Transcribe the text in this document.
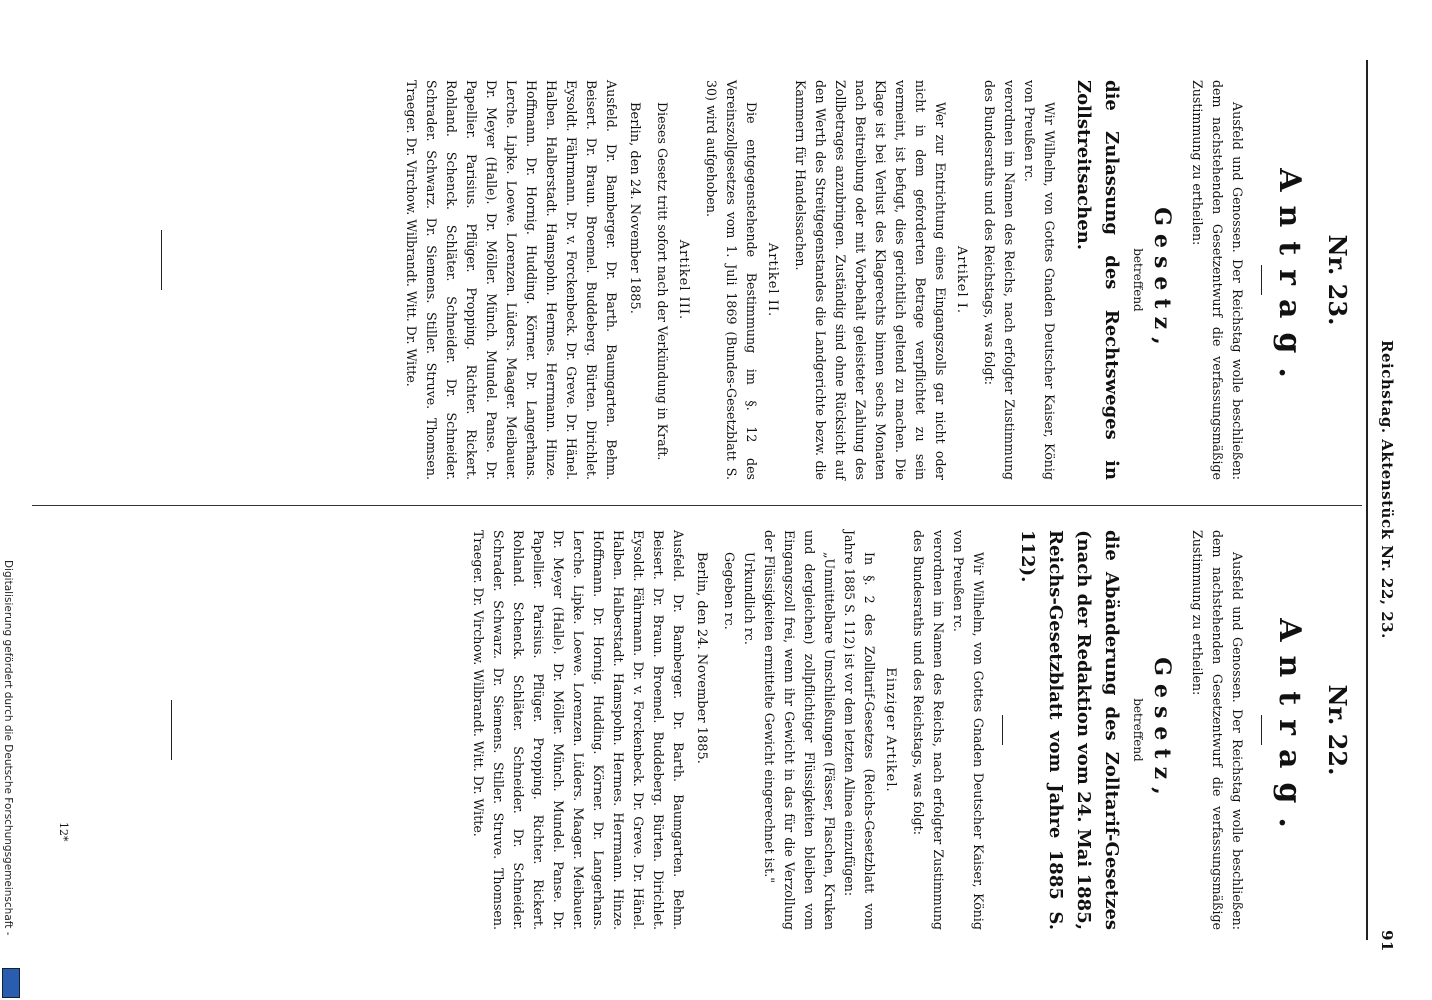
Reichstag. Aktenstück Nr. 22, 23.
91
Nr. 23.
Antrag.

Ausfeld und Genossen. Der Reichstag wolle beschließen: dem nachstehenden Gesetzentwurf die verfassungsmäßige Zustimmung zu ertheilen:

Gesetz,
betreffend
die Zulassung des Rechtsweges in Zollstreitsachen.

Wir Wilhelm, von Gottes Gnaden Deutscher Kaiser, König von Preußen rc.

verordnen im Namen des Reichs, nach erfolgter Zustimmung des Bundesraths und des Reichstags, was folgt:

Artikel I.

Wer zur Entrichtung eines Eingangszolls gar nicht oder nicht in dem geforderten Betrage verpflichtet zu sein vermeint, ist befugt, dies gerichtlich geltend zu machen. Die Klage ist bei Verlust des Klagerechts binnen sechs Monaten nach Beitreibung oder mit Vorbehalt geleisteter Zahlung des Zollbetrages anzubringen. Zuständig sind ohne Rücksicht auf den Werth des Streitgegenstandes die Landgerichte bezw. die Kammern für Handelssachen.

Artikel II.

Die entgegenstehende Bestimmung im §. 12 des Vereinszollgesetzes vom 1. Juli 1869 (Bundes-Gesetzblatt S. 30) wird aufgehoben.

Artikel III.

Dieses Gesetz tritt sofort nach der Verkündung in Kraft.

Berlin, den 24. November 1885.

Ausfeld. Dr. Bamberger. Dr. Barth. Baumgarten. Behm. Beisert. Dr. Braun. Broemel. Buddeberg. Bürten. Dirichlet. Eysoldt. Fährmann. Dr. v. Forckenbeck. Dr. Greve. Dr. Hänel. Halben. Halberstadt. Hamspohn. Hermes. Herrmann. Hinze. Hoffmann. Dr. Hornig. Hudding. Körner. Dr. Langerhans. Lerche. Lipke. Loewe. Lorenzen. Lüders. Maager. Meibauer. Dr. Meyer (Halle). Dr. Möller. Münch. Mundel. Panse. Dr. Papellier. Parisius. Pflüger. Propping. Richter. Rickert. Rohland. Schenck. Schläter. Schneider. Dr. Schneider. Schrader. Schwarz. Dr. Siemens. Stiller. Struve. Thomsen. Traeger. Dr. Virchow. Wilbrandt. Witt. Dr. Witte.

Nr. 22.
Antrag.

Ausfeld und Genossen. Der Reichstag wolle beschließen: dem nachstehenden Gesetzentwurf die verfassungsmäßige Zustimmung zu ertheilen:

Gesetz,
betreffend
die Abänderung des Zolltarif-Gesetzes (nach der Redaktion vom 24. Mai 1885, Reichs-Gesetzblatt vom Jahre 1885 S. 112).

Wir Wilhelm, von Gottes Gnaden Deutscher Kaiser, König von Preußen rc.

verordnen im Namen des Reichs, nach erfolgter Zustimmung des Bundesraths und des Reichstags, was folgt:

Einziger Artikel.

In §. 2 des Zolltarif-Gesetzes (Reichs-Gesetzblatt vom Jahre 1885 S. 112) ist vor dem letzten Alinea einzufügen:

„Unmittelbare Umschließungen (Fässer, Flaschen, Kruken und dergleichen) zollpflichtiger Flüssigkeiten bleiben vom Eingangszoll frei, wenn ihr Gewicht in das für die Verzollung der Flüssigkeiten ermittelte Gewicht eingerechnet ist."

Urkundlich rc.

Gegeben rc.

Berlin, den 24. November 1885.

Ausfeld. Dr. Bamberger. Dr. Barth. Baumgarten. Behm. Beisert. Dr. Braun. Broemel. Buddeberg. Bürten. Dirichlet. Eysoldt. Fährmann. Dr. v. Forckenbeck. Dr. Greve. Dr. Hänel. Halben. Halberstadt. Hamspohn. Hermes. Herrmann. Hinze. Hoffmann. Dr. Hornig. Hudding. Körner. Dr. Langerhans. Lerche. Lipke. Loewe. Lorenzen. Lüders. Maager. Meibauer. Dr. Meyer (Halle). Dr. Möller. Münch. Mundel. Panse. Dr. Papellier. Parisius. Pflüger. Propping. Richter. Rickert. Rohland. Schenck. Schläter. Schneider. Dr. Schneider. Schrader. Schwarz. Dr. Siemens. Stiller. Struve. Thomsen. Traeger. Dr. Virchow. Wilbrandt. Witt. Dr. Witte.

12*
Digitalisierung gefördert durch die Deutsche Forschungsgemeinschaft -
